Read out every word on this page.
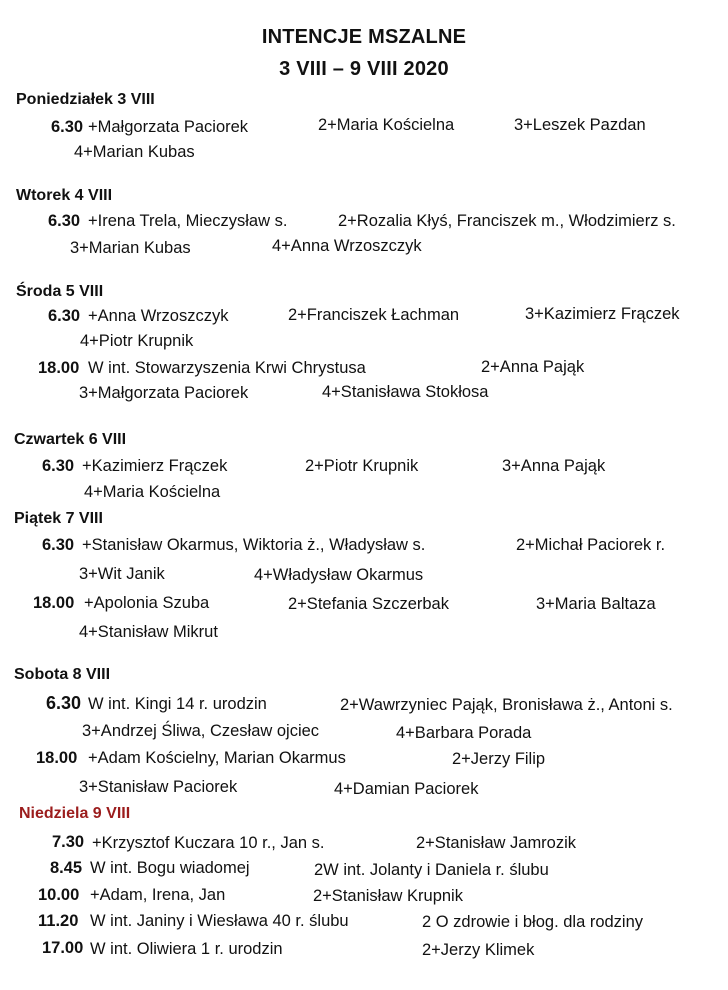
INTENCJE MSZALNE
3 VIII – 9 VIII 2020
Poniedziałek 3 VIII
6.30 +Małgorzata Paciorek	2+Maria Kościelna	3+Leszek Pazdan
4+Marian Kubas
Wtorek 4 VIII
6.30 +Irena Trela, Mieczysław s.	2+Rozalia Kłyś, Franciszek m., Włodzimierz s.
3+Marian Kubas	4+Anna Wrzoszczyk
Środa 5 VIII
6.30 +Anna Wrzoszczyk	2+Franciszek Łachman	3+Kazimierz Frączek
4+Piotr Krupnik
18.00 W int. Stowarzyszenia Krwi Chrystusa	2+Anna Pająk
3+Małgorzata Paciorek	4+Stanisława Stokłosa
Czwartek 6 VIII
6.30 +Kazimierz Frączek	2+Piotr Krupnik	3+Anna Pająk
4+Maria Kościelna
Piątek 7 VIII
6.30 +Stanisław Okarmus, Wiktoria ż., Władysław s.	2+Michał Paciorek r.
3+Wit Janik	4+Władysław Okarmus
18.00 +Apolonia Szuba	2+Stefania Szczerbak	3+Maria Baltaza
4+Stanisław Mikrut
Sobota 8 VIII
6.30 W int. Kingi 14 r. urodzin	2+Wawrzyniec Pająk, Bronisława ż., Antoni s.
3+Andrzej Śliwa, Czesław ojciec	4+Barbara Porada
18.00 +Adam Kościelny, Marian Okarmus	2+Jerzy Filip
3+Stanisław Paciorek	4+Damian Paciorek
Niedziela 9 VIII
7.30 +Krzysztof Kuczara 10 r., Jan s.	2+Stanisław Jamrozik
8.45 W int. Bogu wiadomej	2W int. Jolanty i Daniela r. ślubu
10.00 +Adam, Irena, Jan	2+Stanisław Krupnik
11.20 W int. Janiny i Wiesława 40 r. ślubu	2 O zdrowie i błog. dla rodziny
17.00 W int. Oliwiera 1 r. urodzin	2+Jerzy Klimek
